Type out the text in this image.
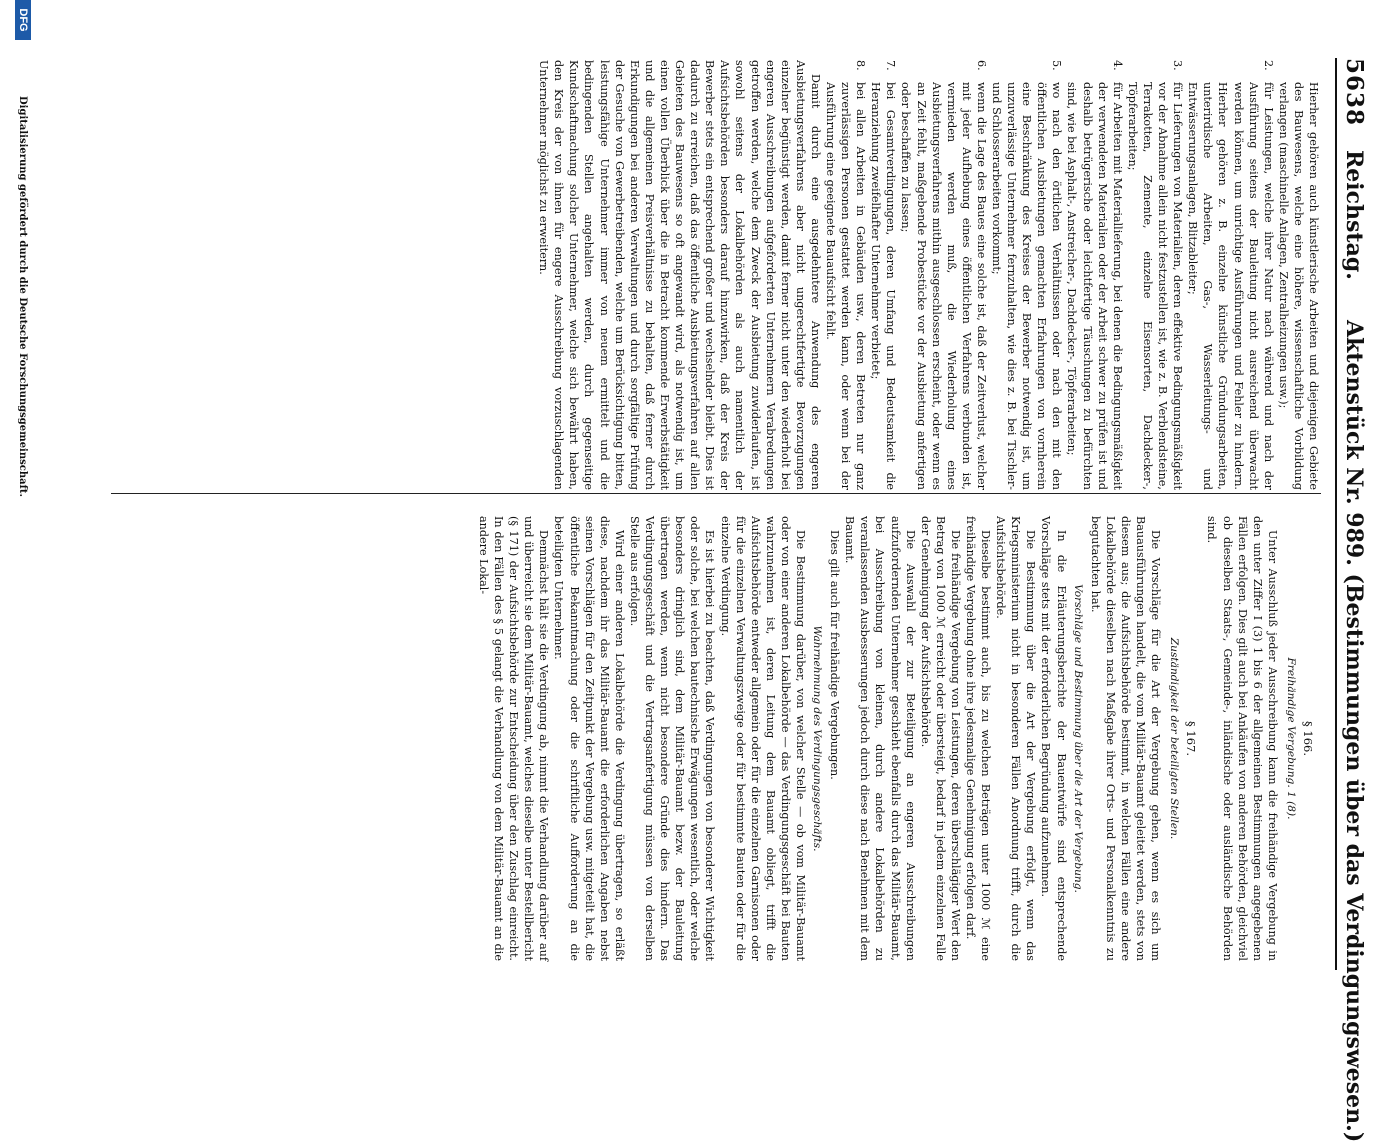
5638
Reichstag.
Aktenstück Nr. 989. (Bestimmungen über das Verdingungswesen.)
Hierher gehören auch künstlerische Arbeiten und diejenigen Gebiete des Bauwesens, welche eine höhere, wissenschaftliche Vorbildung verlangen (maschinelle Anlagen, Zentralheizungen usw.);
2.für Leistungen, welche ihrer Natur nach während und nach der Ausführung seitens der Bauleitung nicht ausreichend überwacht werden können, um unrichtige Ausführungen und Fehler zu hindern. Hierher gehören z. B. einzelne künstliche Gründungsarbeiten, unterirdische Arbeiten, Gas-, Wasserleitungs- und Entwässerungsanlagen, Blitzableiter;
3.für Lieferungen von Materialien, deren effektive Bedingungsmäßigkeit vor der Abnahme allein nicht festzustellen ist, wie z. B. Verblendsteine, Terrakotten, Zemente, einzelne Eisensorten, Dachdecker-, Töpferarbeiten;
4.für Arbeiten mit Materiallieferung, bei denen die Bedingungsmäßigkeit der verwendeten Materialien oder der Arbeit schwer zu prüfen ist und deshalb betrügerische oder leichtfertige Täuschungen zu befürchten sind, wie bei Asphalt-, Anstreicher-, Dachdecker-, Töpferarbeiten;
5.wo nach den örtlichen Verhältnissen oder nach den mit den öffentlichen Ausbietungen gemachten Erfahrungen von vornherein eine Beschränkung des Kreises der Bewerber notwendig ist, um unzuverlässige Unternehmer fernzuhalten, wie dies z. B. bei Tischler- und Schlosserarbeiten vorkommt;
6.wenn die Lage des Baues eine solche ist, daß der Zeitverlust, welcher mit jeder Aufhebung eines öffentlichen Verfahrens verbunden ist, vermieden werden muß, die Wiederholung eines Ausbietungsverfahrens mithin ausgeschlossen erscheint, oder wenn es an Zeit fehlt, maßgebende Probestücke vor der Ausbietung anfertigen oder beschaffen zu lassen;
7.bei Gesamtverdingungen, deren Umfang und Bedeutsamkeit die Heranziehung zweifelhafter Unternehmer verbietet;
8.bei allen Arbeiten in Gebäuden usw., deren Betreten nur ganz zuverlässigen Personen gestattet werden kann, oder wenn bei der Ausführung eine geeignete Bauaufsicht fehlt.
Damit durch eine ausgedehntere Anwendung des engeren Ausbietungsverfahrens aber nicht ungerechtfertigte Bevorzugungen einzelner begünstigt werden, damit ferner nicht unter den wiederholt bei engeren Ausschreibungen aufgeforderten Unternehmern Verabredungen getroffen werden, welche dem Zweck der Ausbietung zuwiderlaufen, ist sowohl seitens der Lokalbehörden als auch namentlich der Aufsichtsbehörden besonders darauf hinzuwirken, daß der Kreis der Bewerber stets ein entsprechend großer und wechselnder bleibt. Dies ist dadurch zu erreichen, daß das öffentliche Ausbietungsverfahren auf allen Gebieten des Bauwesens so oft angewandt wird, als notwendig ist, um einen vollen Überblick über die in Betracht kommende Erwerbstätigkeit und die allgemeinen Preisverhältnisse zu behalten, daß ferner durch Erkundigungen bei anderen Verwaltungen und durch sorgfältige Prüfung der Gesuche von Gewerbetreibenden, welche um Berücksichtigung bitten, leistungsfähige Unternehmer immer von neuem ermittelt und die bedingenden Stellen angehalten werden, durch gegenseitige Kundschaftmachung solcher Unternehmer, welche sich bewährt haben, den Kreis der von ihnen für engere Ausschreibung vorzuschlagenden Unternehmer möglichst zu erweitern.
§ 166.
Freihändige Vergebung. 1 (8).
Unter Ausschluß jeder Ausschreibung kann die freihändige Vergebung in den unter Ziffer I (3) 1 bis 6 der allgemeinen Bestimmungen angegebenen Fällen erfolgen. Dies gilt auch bei Ankäufen von anderen Behörden, gleichviel ob dieselben Staats-, Gemeinde-, inländische oder ausländische Behörden sind.
§ 167.
Zuständigkeit der beteiligten Stellen.
Die Vorschläge für die Art der Vergebung gehen, wenn es sich um Bauausführungen handelt, die vom Militär-Bauamt geleitet werden, stets von diesem aus; die Aufsichtsbehörde bestimmt, in welchen Fällen eine andere Lokalbehörde dieselben nach Maßgabe ihrer Orts- und Personalkenntnis zu begutachten hat.
Vorschläge und Bestimmung über die Art der Vergebung.
In die Erläuterungsberichte der Bauentwürfe sind entsprechende Vorschläge stets mit der erforderlichen Begründung aufzunehmen.
Die Bestimmung über die Art der Vergebung erfolgt, wenn das Kriegsministerium nicht in besonderen Fällen Anordnung trifft, durch die Aufsichtsbehörde.
Dieselbe bestimmt auch, bis zu welchen Beträgen unter 1000 ℳ eine freihändige Vergebung ohne ihre jedesmalige Genehmigung erfolgen darf.
Die freihändige Vergebung von Leistungen, deren überschlägiger Wert den Betrag von 1000 ℳ erreicht oder übersteigt, bedarf in jedem einzelnen Falle der Genehmigung der Aufsichtsbehörde.
Die Auswahl der zur Beteiligung an engeren Ausschreibungen aufzufordernden Unternehmer geschieht ebenfalls durch das Militär-Bauamt, bei Ausschreibung von kleinen, durch andere Lokalbehörden zu veranlassenden Ausbesserungen jedoch durch diese nach Benehmen mit dem Bauamt.
Dies gilt auch für freihändige Vergebungen.
Wahrnehmung des Verdingungsgeschäfts.
Die Bestimmung darüber, von welcher Stelle — ob vom Militär-Bauamt oder von einer anderen Lokalbehörde — das Verdingungsgeschäft bei Bauten wahrzunehmen ist, deren Leitung dem Bauamt obliegt, trifft die Aufsichtsbehörde entweder allgemein oder für die einzelnen Garnisonen oder für die einzelnen Verwaltungszweige oder für bestimmte Bauten oder für die einzelne Verdingung.
Es ist hierbei zu beachten, daß Verdingungen von besonderer Wichtigkeit oder solche, bei welchen bautechnische Erwägungen wesentlich, oder welche besonders dringlich sind, dem Militär-Bauamt bezw. der Bauleitung übertragen werden, wenn nicht besondere Gründe dies hindern. Das Verdingungsgeschäft und die Vertragsanfertigung müssen von derselben Stelle aus erfolgen.
Wird einer anderen Lokalbehörde die Verdingung übertragen, so erläßt diese, nachdem ihr das Militär-Bauamt die erforderlichen Angaben nebst seinen Vorschlägen für den Zeitpunkt der Vergebung usw. mitgeteilt hat, die öffentliche Bekanntmachung oder die schriftliche Aufforderung an die beteiligten Unternehmer.
Demnächst hält sie die Verdingung ab, nimmt die Verhandlung darüber auf und überreicht sie dem Militär-Bauamt, welches dieselbe unter Bestellbericht (§ 171) der Aufsichtsbehörde zur Entscheidung über den Zuschlag einreicht. In den Fällen des § 5 gelangt die Verhandlung von dem Militär-Bauamt an die andere Lokal-
DFG
Digitalisierung gefördert durch die Deutsche Forschungsgemeinschaft.
